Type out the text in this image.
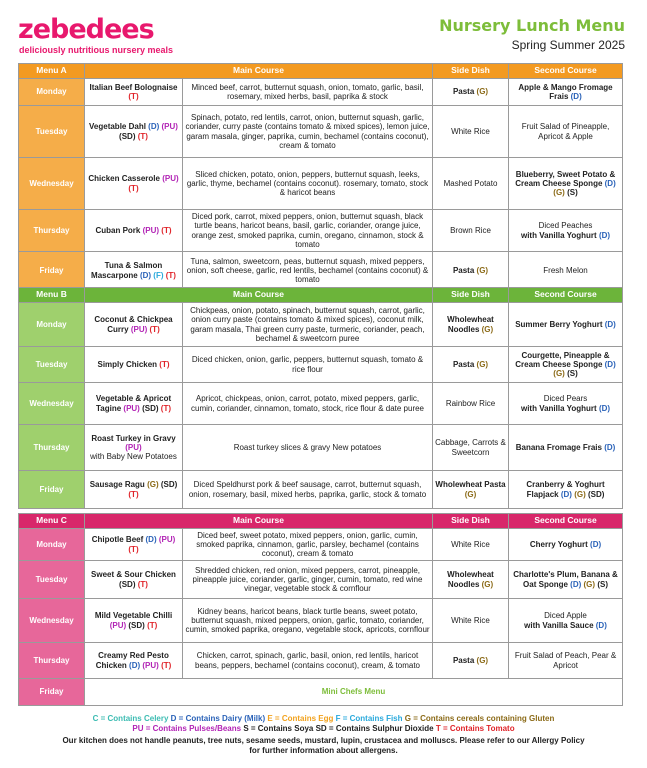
zebedees
deliciously nutritious nursery meals
Nursery Lunch Menu
Spring Summer 2025
Menu A	Main Course		Side Dish	Second Course
Monday	Italian Beef Bolognaise (T)	Minced beef, carrot, butternut squash, onion, tomato, garlic, basil, rosemary, mixed herbs, basil, paprika & stock	Pasta (G)	Apple & Mango Fromage Frais (D)
Tuesday	Vegetable Dahl (D) (PU) (SD) (T)	Spinach, potato, red lentils, carrot, onion, butternut squash, garlic, coriander, curry paste (contains tomato & mixed spices), lemon juice, garam masala, ginger, paprika, cumin, bechamel (contains coconut), cream & tomato	White Rice	Fruit Salad of Pineapple, Apricot & Apple
Wednesday	Chicken Casserole (PU) (T)	Sliced chicken, potato, onion, peppers, butternut squash, leeks, garlic, thyme, bechamel (contains coconut). rosemary, tomato, stock & haricot beans	Mashed Potato	Blueberry, Sweet Potato & Cream Cheese Sponge (D) (G) (S)
Thursday	Cuban Pork (PU) (T)	Diced pork, carrot, mixed peppers, onion, butternut squash, black turtle beans, haricot beans, basil, garlic, coriander, orange juice, orange zest, smoked paprika, cumin, oregano, cinnamon, stock & tomato	Brown Rice	Diced Peaches
with Vanilla Yoghurt (D)
Friday	Tuna & Salmon Mascarpone (D) (F) (T)	Tuna, salmon, sweetcorn, peas, butternut squash, mixed peppers, onion, soft cheese, garlic, red lentils, bechamel (contains coconut) & tomato	Pasta (G)	Fresh Melon
Menu B	Main Course		Side Dish	Second Course
Monday	Coconut & Chickpea Curry (PU) (T)	Chickpeas, onion, potato, spinach, butternut squash, carrot, garlic, onion curry paste (contains tomato & mixed spices), coconut milk, garam masala, Thai green curry paste, turmeric, coriander, peach, bechamel & sweetcorn puree	Wholewheat Noodles (G)	Summer Berry Yoghurt (D)
Tuesday	Simply Chicken (T)	Diced chicken, onion, garlic, peppers, butternut squash, tomato & rice flour	Pasta (G)	Courgette, Pineapple & Cream Cheese Sponge (D) (G) (S)
Wednesday	Vegetable & Apricot Tagine (PU) (SD) (T)	Apricot, chickpeas, onion, carrot, potato, mixed peppers, garlic, cumin, coriander, cinnamon, tomato, stock, rice flour & date puree	Rainbow Rice	Diced Pears
with Vanilla Yoghurt (D)
Thursday	Roast Turkey in Gravy (PU)
with Baby New Potatoes	Roast turkey slices & gravy New potatoes	Cabbage, Carrots & Sweetcorn	Banana Fromage Frais (D)
Friday	Sausage Ragu (G) (SD) (T)	Diced Speldhurst pork & beef sausage, carrot, butternut squash, onion, rosemary, basil, mixed herbs, paprika, garlic, stock & tomato	Wholewheat Pasta (G)	Cranberry & Yoghurt Flapjack (D) (G) (SD)
Menu C	Main Course		Side Dish	Second Course
Monday	Chipotle Beef (D) (PU) (T)	Diced beef, sweet potato, mixed peppers, onion, garlic, cumin, smoked paprika, cinnamon, garlic, parsley, bechamel (contains coconut), cream & tomato	White Rice	Cherry Yoghurt (D)
Tuesday	Sweet & Sour Chicken (SD) (T)	Shredded chicken, red onion, mixed peppers, carrot, pineapple, pineapple juice, coriander, garlic, ginger, cumin, tomato, red wine vinegar, vegetable stock & cornflour	Wholewheat Noodles (G)	Charlotte's Plum, Banana & Oat Sponge (D) (G) (S)
Wednesday	Mild Vegetable Chilli (PU) (SD) (T)	Kidney beans, haricot beans, black turtle beans, sweet potato, butternut squash, mixed peppers, onion, garlic, tomato, coriander, cumin, smoked paprika, oregano, vegetable stock, apricots, cornflour	White Rice	Diced Apple
with Vanilla Sauce (D)
Thursday	Creamy Red Pesto Chicken (D) (PU) (T)	Chicken, carrot, spinach, garlic, basil, onion, red lentils, haricot beans, peppers, bechamel (contains coconut), cream, & tomato	Pasta (G)	Fruit Salad of Peach, Pear & Apricot
Friday	Mini Chefs Menu			
C = Contains Celery D = Contains Dairy (Milk) E = Contains Egg F = Contains Fish G = Contains cereals containing Gluten
PU = Contains Pulses/Beans S = Contains Soya SD = Contains Sulphur Dioxide T = Contains Tomato
Our kitchen does not handle peanuts, tree nuts, sesame seeds, mustard, lupin, crustacea and molluscs. Please refer to our Allergy Policy for further information about allergens.
